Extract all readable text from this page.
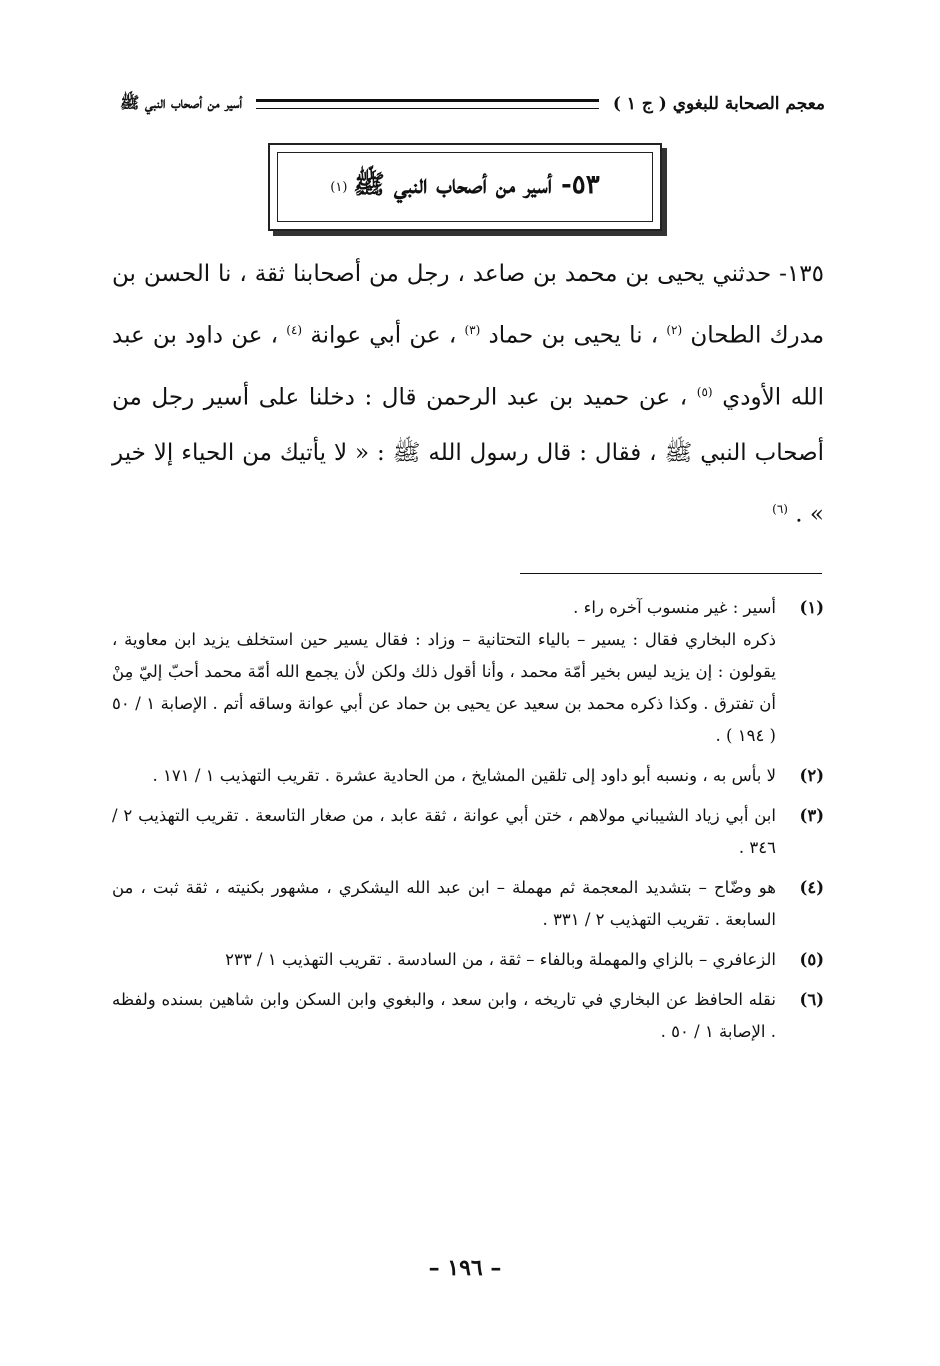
معجم الصحابة للبغوي ( ج ١ )
أسير من أصحاب النبي ﷺ
٥٣- أسير من أصحاب النبي ﷺ
(١)
١٣٥- حدثني يحيى بن محمد بن صاعد ، رجل من أصحابنا ثقة ، نا الحسن بن مدرك الطحان $^{(٢)}$ ، نا يحيى بن حماد $^{(٣)}$ ، عن أبي عوانة $^{(٤)}$ ، عن داود بن عبد الله الأودي $^{(٥)}$ ، عن حميد بن عبد الرحمن قال : دخلنا على أسير رجل من أصحاب النبي ﷺ ، فقال : قال رسول الله ﷺ : « لا يأتيك من الحياء إلا خير » . $^{(٦)}$
(١)

أسير : غير منسوب آخره راء .

ذكره البخاري فقال : يسير – بالياء التحتانية – وزاد : فقال يسير حين استخلف يزيد ابن معاوية ، يقولون : إن يزيد ليس بخير أمّة محمد ، وأنا أقول ذلك ولكن لأن يجمع الله أمّة محمد أحبّ إليّ مِنْ أن تفترق . وكذا ذكره محمد بن سعيد عن يحيى بن حماد عن أبي عوانة وساقه أتم . الإصابة ١ / ٥٠ ( ١٩٤ ) .

(٢)

لا بأس به ، ونسبه أبو داود إلى تلقين المشايخ ، من الحادية عشرة . تقريب التهذيب ١ / ١٧١ .

(٣)

ابن أبي زياد الشيباني مولاهم ، ختن أبي عوانة ، ثقة عابد ، من صغار التاسعة . تقريب التهذيب ٢ / ٣٤٦ .

(٤)

هو وضّاح – بتشديد المعجمة ثم مهملة – ابن عبد الله اليشكري ، مشهور بكنيته ، ثقة ثبت ، من السابعة . تقريب التهذيب ٢ / ٣٣١ .

(٥)

الزعافري – بالزاي والمهملة وبالفاء – ثقة ، من السادسة . تقريب التهذيب ١ / ٢٣٣

(٦)

نقله الحافظ عن البخاري في تاريخه ، وابن سعد ، والبغوي وابن السكن وابن شاهين بسنده ولفظه . الإصابة ١ / ٥٠ .

– ١٩٦ –
